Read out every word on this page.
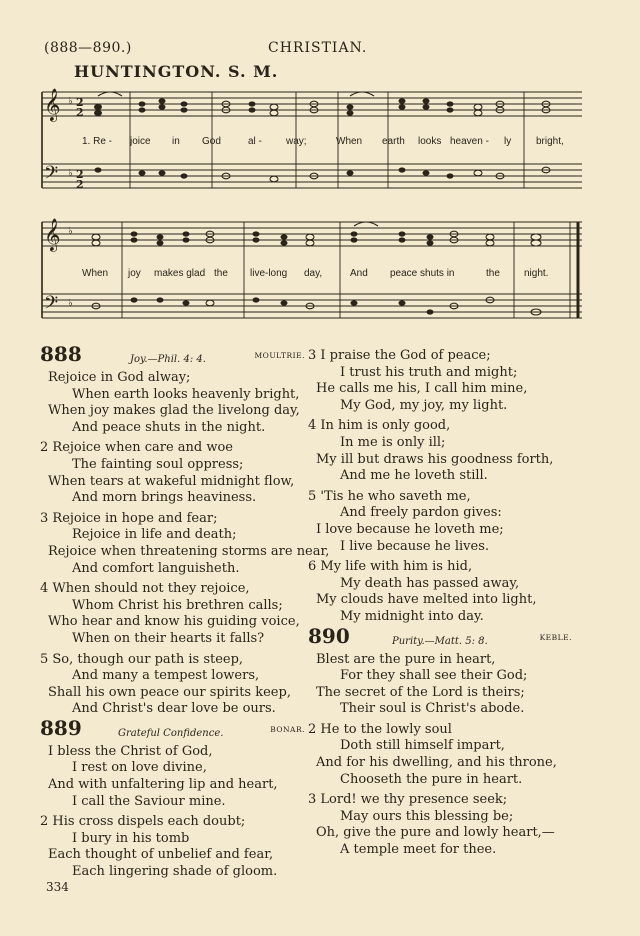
(888—890.)	CHRISTIAN.
HUNTINGTON. S. M.
𝄞
𝄢
♭
♭
2
2
2
2
1. Re - joice in God	al - way;	When earth looks heaven - ly bright,
𝄞
𝄢
♭
♭
When joy makes glad the live-long day,	And peace shuts in	the night.
888	Joy.—Phil. 4: 4.	MOULTRIE.
Rejoice in God alway;
When earth looks heavenly bright,
When joy makes glad the livelong day,
And peace shuts in the night.
2 Rejoice when care and woe
The fainting soul oppress;
When tears at wakeful midnight flow,
And morn brings heaviness.
3 Rejoice in hope and fear;
Rejoice in life and death;
Rejoice when threatening storms are near,
And comfort languisheth.
4 When should not they rejoice,
Whom Christ his brethren calls;
Who hear and know his guiding voice,
When on their hearts it falls?
5 So, though our path is steep,
And many a tempest lowers,
Shall his own peace our spirits keep,
And Christ's dear love be ours.
889	Grateful Confidence.	BONAR.
I bless the Christ of God,
I rest on love divine,
And with unfaltering lip and heart,
I call the Saviour mine.
2 His cross dispels each doubt;
I bury in his tomb
Each thought of unbelief and fear,
Each lingering shade of gloom.
3 I praise the God of peace;
I trust his truth and might;
He calls me his, I call him mine,
My God, my joy, my light.
4 In him is only good,
In me is only ill;
My ill but draws his goodness forth,
And me he loveth still.
5 'Tis he who saveth me,
And freely pardon gives:
I love because he loveth me;
I live because he lives.
6 My life with him is hid,
My death has passed away,
My clouds have melted into light,
My midnight into day.
890	Purity.—Matt. 5: 8.	KEBLE.
Blest are the pure in heart,
For they shall see their God;
The secret of the Lord is theirs;
Their soul is Christ's abode.
2 He to the lowly soul
Doth still himself impart,
And for his dwelling, and his throne,
Chooseth the pure in heart.
3 Lord! we thy presence seek;
May ours this blessing be;
Oh, give the pure and lowly heart,—
A temple meet for thee.
334
